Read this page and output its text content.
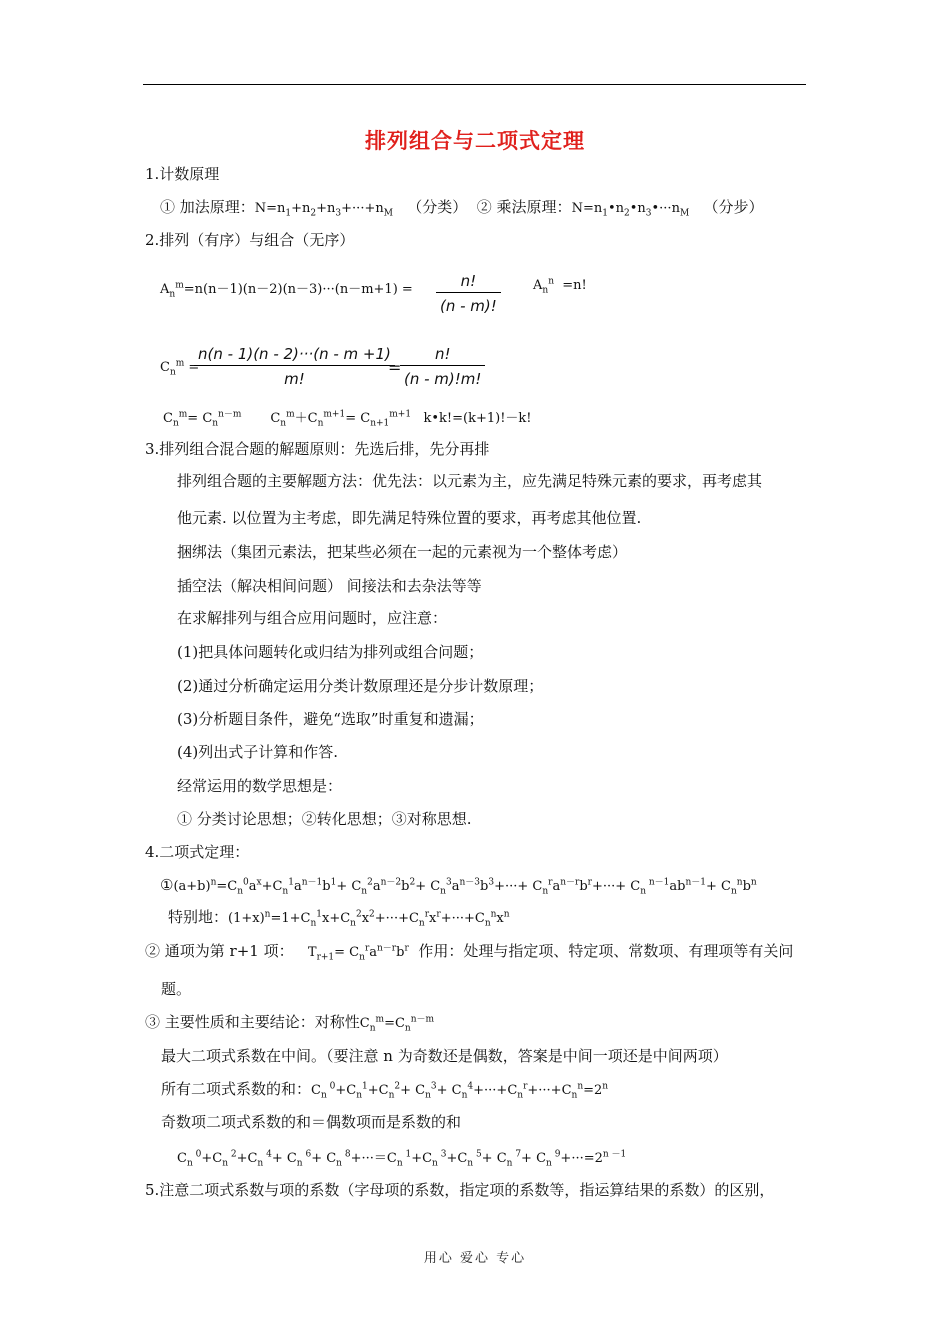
排列组合与二项式定理
1.计数原理
① 加法原理：$N=n_1+n_2+n_3+\cdot\cdot\cdot+n_M$   （分类）  ② 乘法原理：$N=n_1•n_2•n_3•\cdot\cdot\cdot n_M$   （分步）
2.排列（有序）与组合（无序）
$A_n^m=n(n-1)(n-2)(n-3)\cdot\cdot\cdot(n-m+1) = \frac{n!}{(n - m)!} A_n^n =n$!
$C_n^m$ =
$\frac{n(n - 1)(n - 2)\cdot\cdot\cdot(n - m +1)}{m!}$
=
$\frac{n!}{(n - m)!m!}$
$C_n^m= C_n^{n-m}$       $C_n^m+C_n^{m+1}= C_{n+1}^{m+1}$   k•k!=(k+1)!－k!
3.排列组合混合题的解题原则：先选后排，先分再排
排列组合题的主要解题方法：优先法：以元素为主，应先满足特殊元素的要求，再考虑其
他元素. 以位置为主考虑，即先满足特殊位置的要求，再考虑其他位置.
捆绑法（集团元素法，把某些必须在一起的元素视为一个整体考虑）
插空法（解决相间问题） 间接法和去杂法等等
在求解排列与组合应用问题时，应注意：
(1)把具体问题转化或归结为排列或组合问题；
(2)通过分析确定运用分类计数原理还是分步计数原理；
(3)分析题目条件，避免“选取”时重复和遗漏；
(4)列出式子计算和作答.
经常运用的数学思想是：
① 分类讨论思想；②转化思想；③对称思想.
4.二项式定理：
$①(a+b)^n=C_n^0a^x+C_n^1a^{n-1}b^1+ C_n^2a^{n-2}b^2+ C_n^3a^{n-3}b^3+\cdot\cdot\cdot+ C_n^ra^{n-r}b^r+\cdot\cdot\cdot+ C_n$ $^{n-1}ab^{n-1}+ C_n^nb^n$
特别地：$(1+x)^n=1+C_n^1x+C_n^2x^2+\cdot\cdot\cdot+C_n^rx^r+\cdot\cdot\cdot+C_n^nx^n$
② 通项为第 r+1 项： $T_{r+1}= C_n^ra^{n-r}b^r$ 作用：处理与指定项、特定项、常数项、有理项等有关问
题。
③ 主要性质和主要结论：对称性$C_n^m=C_n^{n-m}$
最大二项式系数在中间。（要注意 n 为奇数还是偶数，答案是中间一项还是中间两项）
所有二项式系数的和：$C_n$ $^0+C_n^1+C_n^2+ C_n^3+ C_n^4+\cdot\cdot\cdot+C_n^r+\cdot\cdot\cdot+C_n^n=2^n$
奇数项二项式系数的和＝偶数项而是系数的和
$C_n$ $^0+C_n$ $^2+C_n$ $^4+ C_n$ $^6+ C_n$ $^8+\cdot\cdot\cdot=C_n$ $^1+C_n$ $^3+C_n$ $^5+ C_n$ $^7+ C_n$ $^9+\cdot\cdot\cdot=2^{n -1}$
5.注意二项式系数与项的系数（字母项的系数，指定项的系数等，指运算结果的系数）的区别，
用心 爱心 专心
